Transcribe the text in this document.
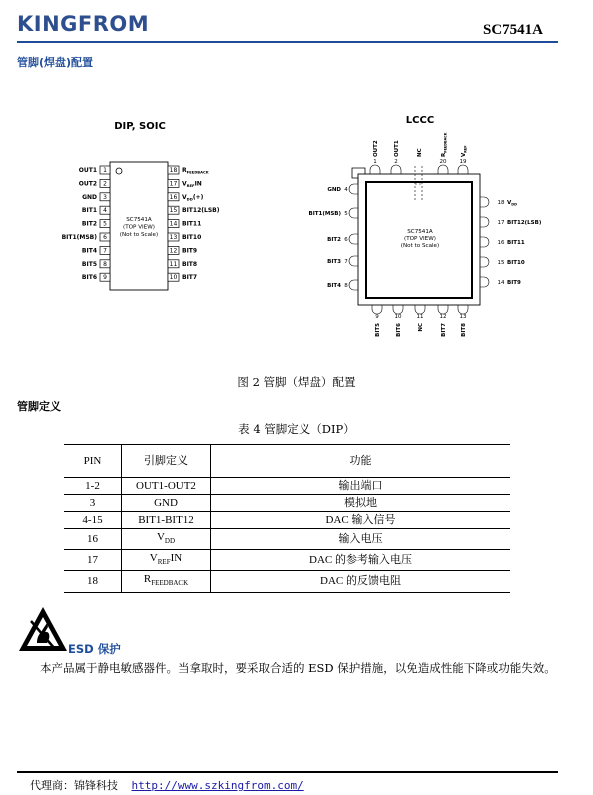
KINGFROM	SC7541A
管脚(焊盘)配置
DIP, SOIC
1
OUT1
2
OUT2
3
GND
4
BIT1
5
BIT2
6
BIT1(MSB)
7
BIT4
8
BIT5
9
BIT6
18 $R_{FEEDBACK}$
17 $V_{REF}IN$
16 $V_{DD}(+)$
15 BIT12(LSB)
14 BIT11
13 BIT10
12 BIT9
11 BIT8
10 BIT7
SC7541A
(TOP VIEW)
(Not to Scale)
LCCC
1
OUT2
2
OUT1	NC
20
$R_{FEEDBACK}$
19
$V_{REF}$
4
GND
5
BIT1(MSB)
6
BIT2
7
BIT3
8
BIT4
18 $V_{DD}$
17 BIT12(LSB)
16 BIT11
15 BIT10
14 BIT9
9
BIT5
10
BIT6
11
NC
12
BIT7
13
BIT8
SC7541A
(TOP VIEW)
(Not to Scale)
图 2 管脚（焊盘）配置
管脚定义
表 4 管脚定义（DIP）
PIN	引脚定义	功能
1-2	OUT1-OUT2	输出端口
3	GND	模拟地
4-15	BIT1-BIT12	DAC 输入信号
16	$V_{DD}$	输入电压
17	$V_{REF}IN$	DAC 的参考输入电压
18	$R_{FEEDBACK}$	DAC 的反馈电阻
ESD 保护
本产品属于静电敏感器件。当拿取时，要采取合适的 ESD 保护措施，以免造成性能下降或功能失效。
代理商：锦锋科技 http://www.szkingfrom.com/
